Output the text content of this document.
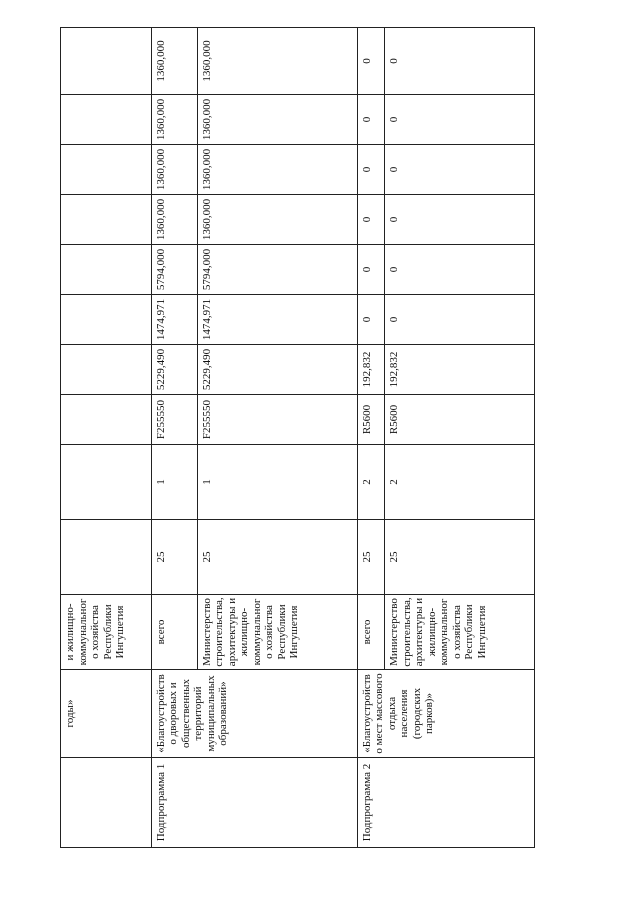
	годы»	и жилищно-коммунального хозяйства Республики Ингушетия										
Подпрограмма 1	«Благоустройство дворовых и общественных территорий муниципальных образований»	всего	25	1	F255550	5229,490	1474,971	5794,000	1360,000	1360,000	1360,000	1360,000
		Министерство строительства, архитектуры и жилищно-коммунального хозяйства Республики Ингушетия	25	1	F255550	5229,490	1474,971	5794,000	1360,000	1360,000	1360,000	1360,000
Подпрограмма 2	«Благоустройство мест массового отдыха населения (городских парков)»	всего	25	2	R5600	192,832	0	0	0	0	0	0
		Министерство строительства, архитектуры и жилищно-коммунального хозяйства Республики Ингушетия	25	2	R5600	192,832	0	0	0	0	0	0
